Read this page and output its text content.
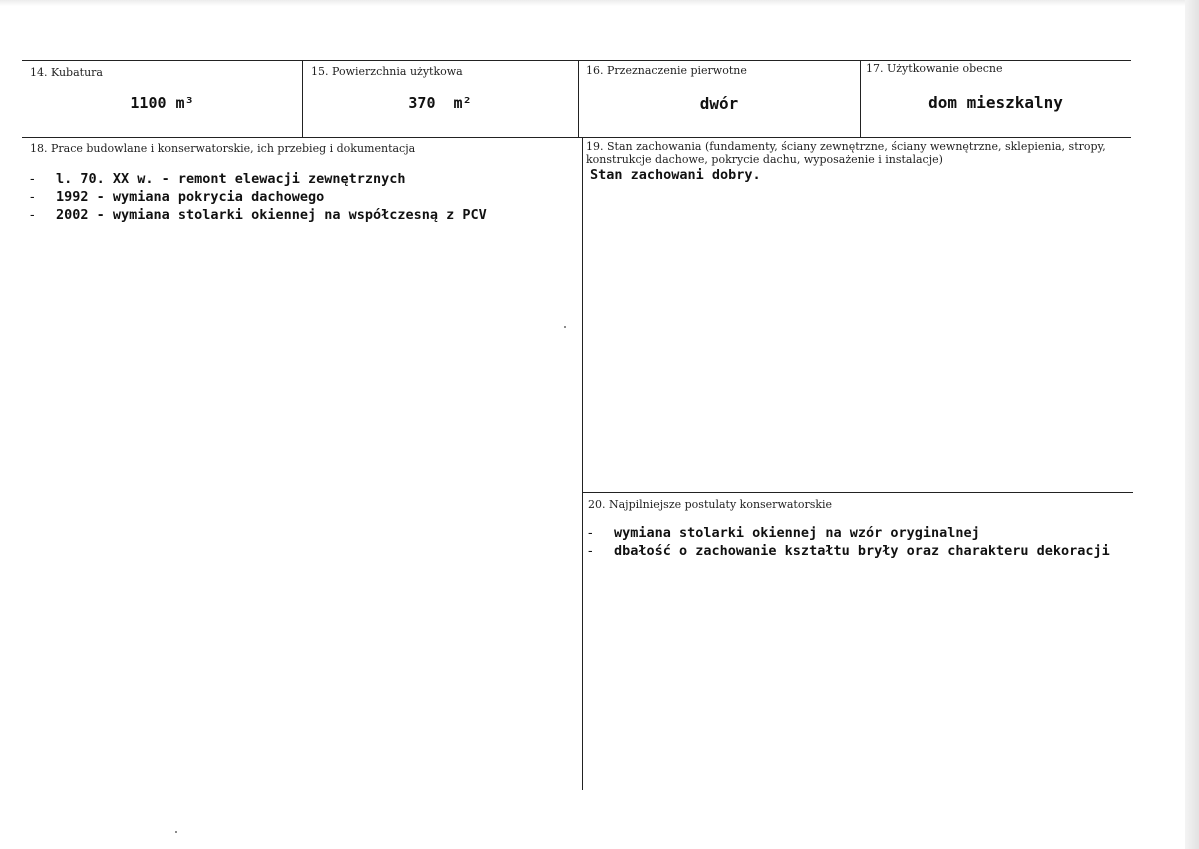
14. Kubatura
1100 m³
15. Powierzchnia użytkowa
370  m²
16. Przeznaczenie pierwotne
dwór
17. Użytkowanie obecne
dom mieszkalny
18. Prace budowlane i konserwatorskie, ich przebieg i dokumentacja
- l. 70. XX w. - remont elewacji zewnętrznych
- 1992 - wymiana pokrycia dachowego
- 2002 - wymiana stolarki okiennej na współczesną z PCV
19. Stan zachowania (fundamenty, ściany zewnętrzne, ściany wewnętrzne, sklepienia, stropy,
konstrukcje dachowe, pokrycie dachu, wyposażenie i instalacje)
Stan zachowani dobry.
20. Najpilniejsze postulaty konserwatorskie
- wymiana stolarki okiennej na wzór oryginalnej
- dbałość o zachowanie kształtu bryły oraz charakteru dekoracji
